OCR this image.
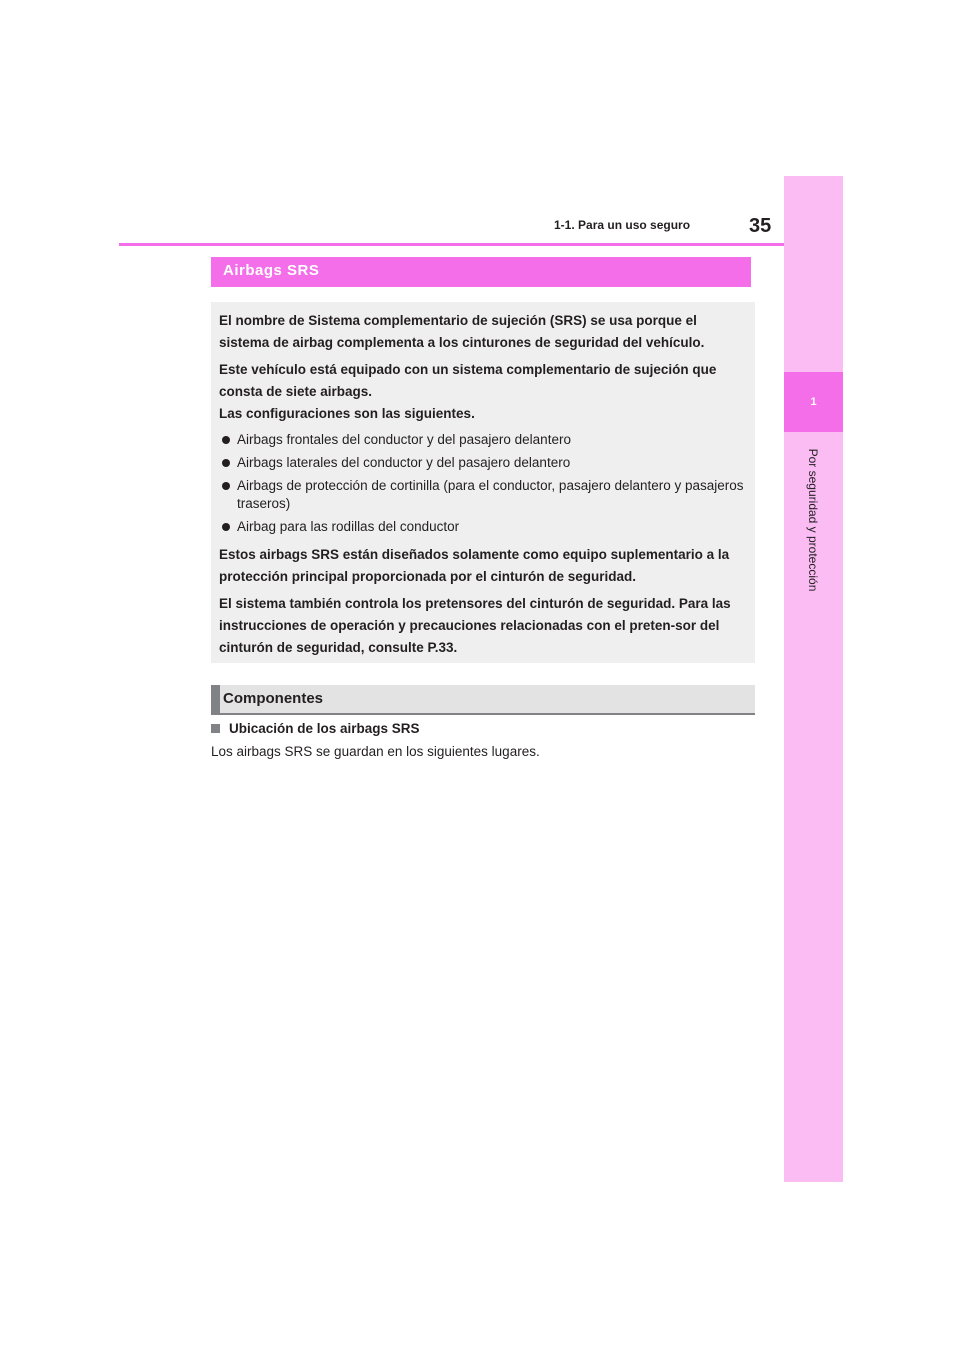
1
Por seguridad y protección
1-1. Para un uso seguro	35
Airbags SRS

El nombre de Sistema complementario de sujeción (SRS) se usa porque el sistema de airbag complementa a los cinturones de seguridad del vehículo.

Este vehículo está equipado con un sistema complementario de sujeción que consta de siete airbags.

Las configuraciones son las siguientes.

Airbags frontales del conductor y del pasajero delantero
Airbags laterales del conductor y del pasajero delantero
Airbags de protección de cortinilla (para el conductor, pasajero delantero y pasajeros traseros)
Airbag para las rodillas del conductor

Estos airbags SRS están diseñados solamente como equipo suplementario a la protección principal proporcionada por el cinturón de seguridad.

El sistema también controla los pretensores del cinturón de seguridad. Para las instrucciones de operación y precauciones relacionadas con el preten-sor del cinturón de seguridad, consulte P.33.

Componentes
Ubicación de los airbags SRS
Los airbags SRS se guardan en los siguientes lugares.
